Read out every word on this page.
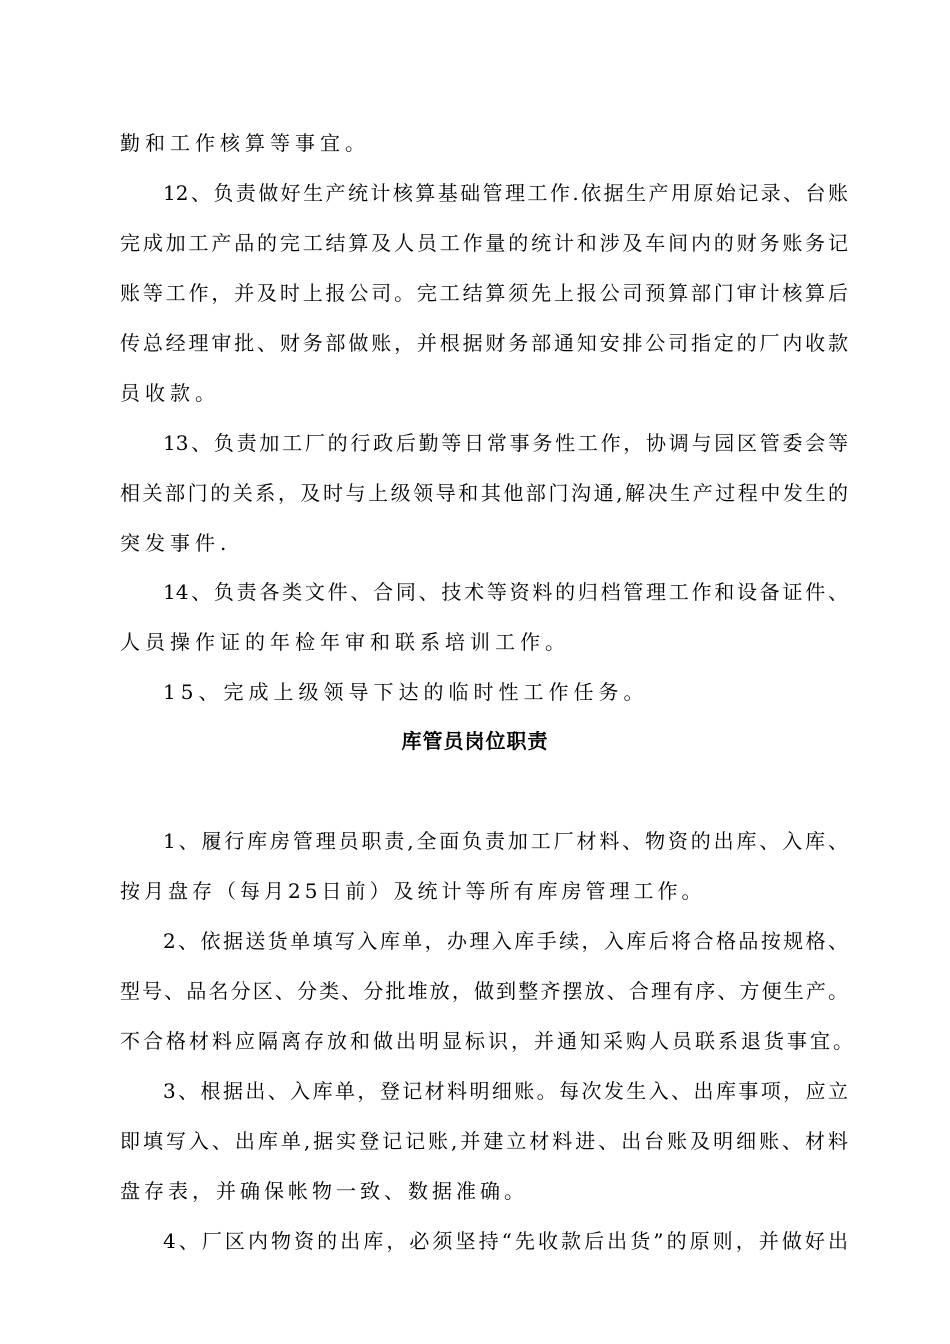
勤和工作核算等事宜。

12、负责做好生产统计核算基础管理工作.依据生产用原始记录、台账

完成加工产品的完工结算及人员工作量的统计和涉及车间内的财务账务记

账等工作，并及时上报公司。完工结算须先上报公司预算部门审计核算后

传总经理审批、财务部做账，并根据财务部通知安排公司指定的厂内收款

员收款。

13、负责加工厂的行政后勤等日常事务性工作，协调与园区管委会等

相关部门的关系，及时与上级领导和其他部门沟通,解决生产过程中发生的

突发事件.

14、负责各类文件、合同、技术等资料的归档管理工作和设备证件、

人员操作证的年检年审和联系培训工作。

15、完成上级领导下达的临时性工作任务。

库管员岗位职责

1、履行库房管理员职责,全面负责加工厂材料、物资的出库、入库、

按月盘存（每月25日前）及统计等所有库房管理工作。

2、依据送货单填写入库单，办理入库手续，入库后将合格品按规格、

型号、品名分区、分类、分批堆放，做到整齐摆放、合理有序、方便生产。

不合格材料应隔离存放和做出明显标识，并通知采购人员联系退货事宜。

3、根据出、入库单，登记材料明细账。每次发生入、出库事项，应立

即填写入、出库单,据实登记记账,并建立材料进、出台账及明细账、材料

盘存表，并确保帐物一致、数据准确。

4、厂区内物资的出库，必须坚持“先收款后出货”的原则，并做好出
